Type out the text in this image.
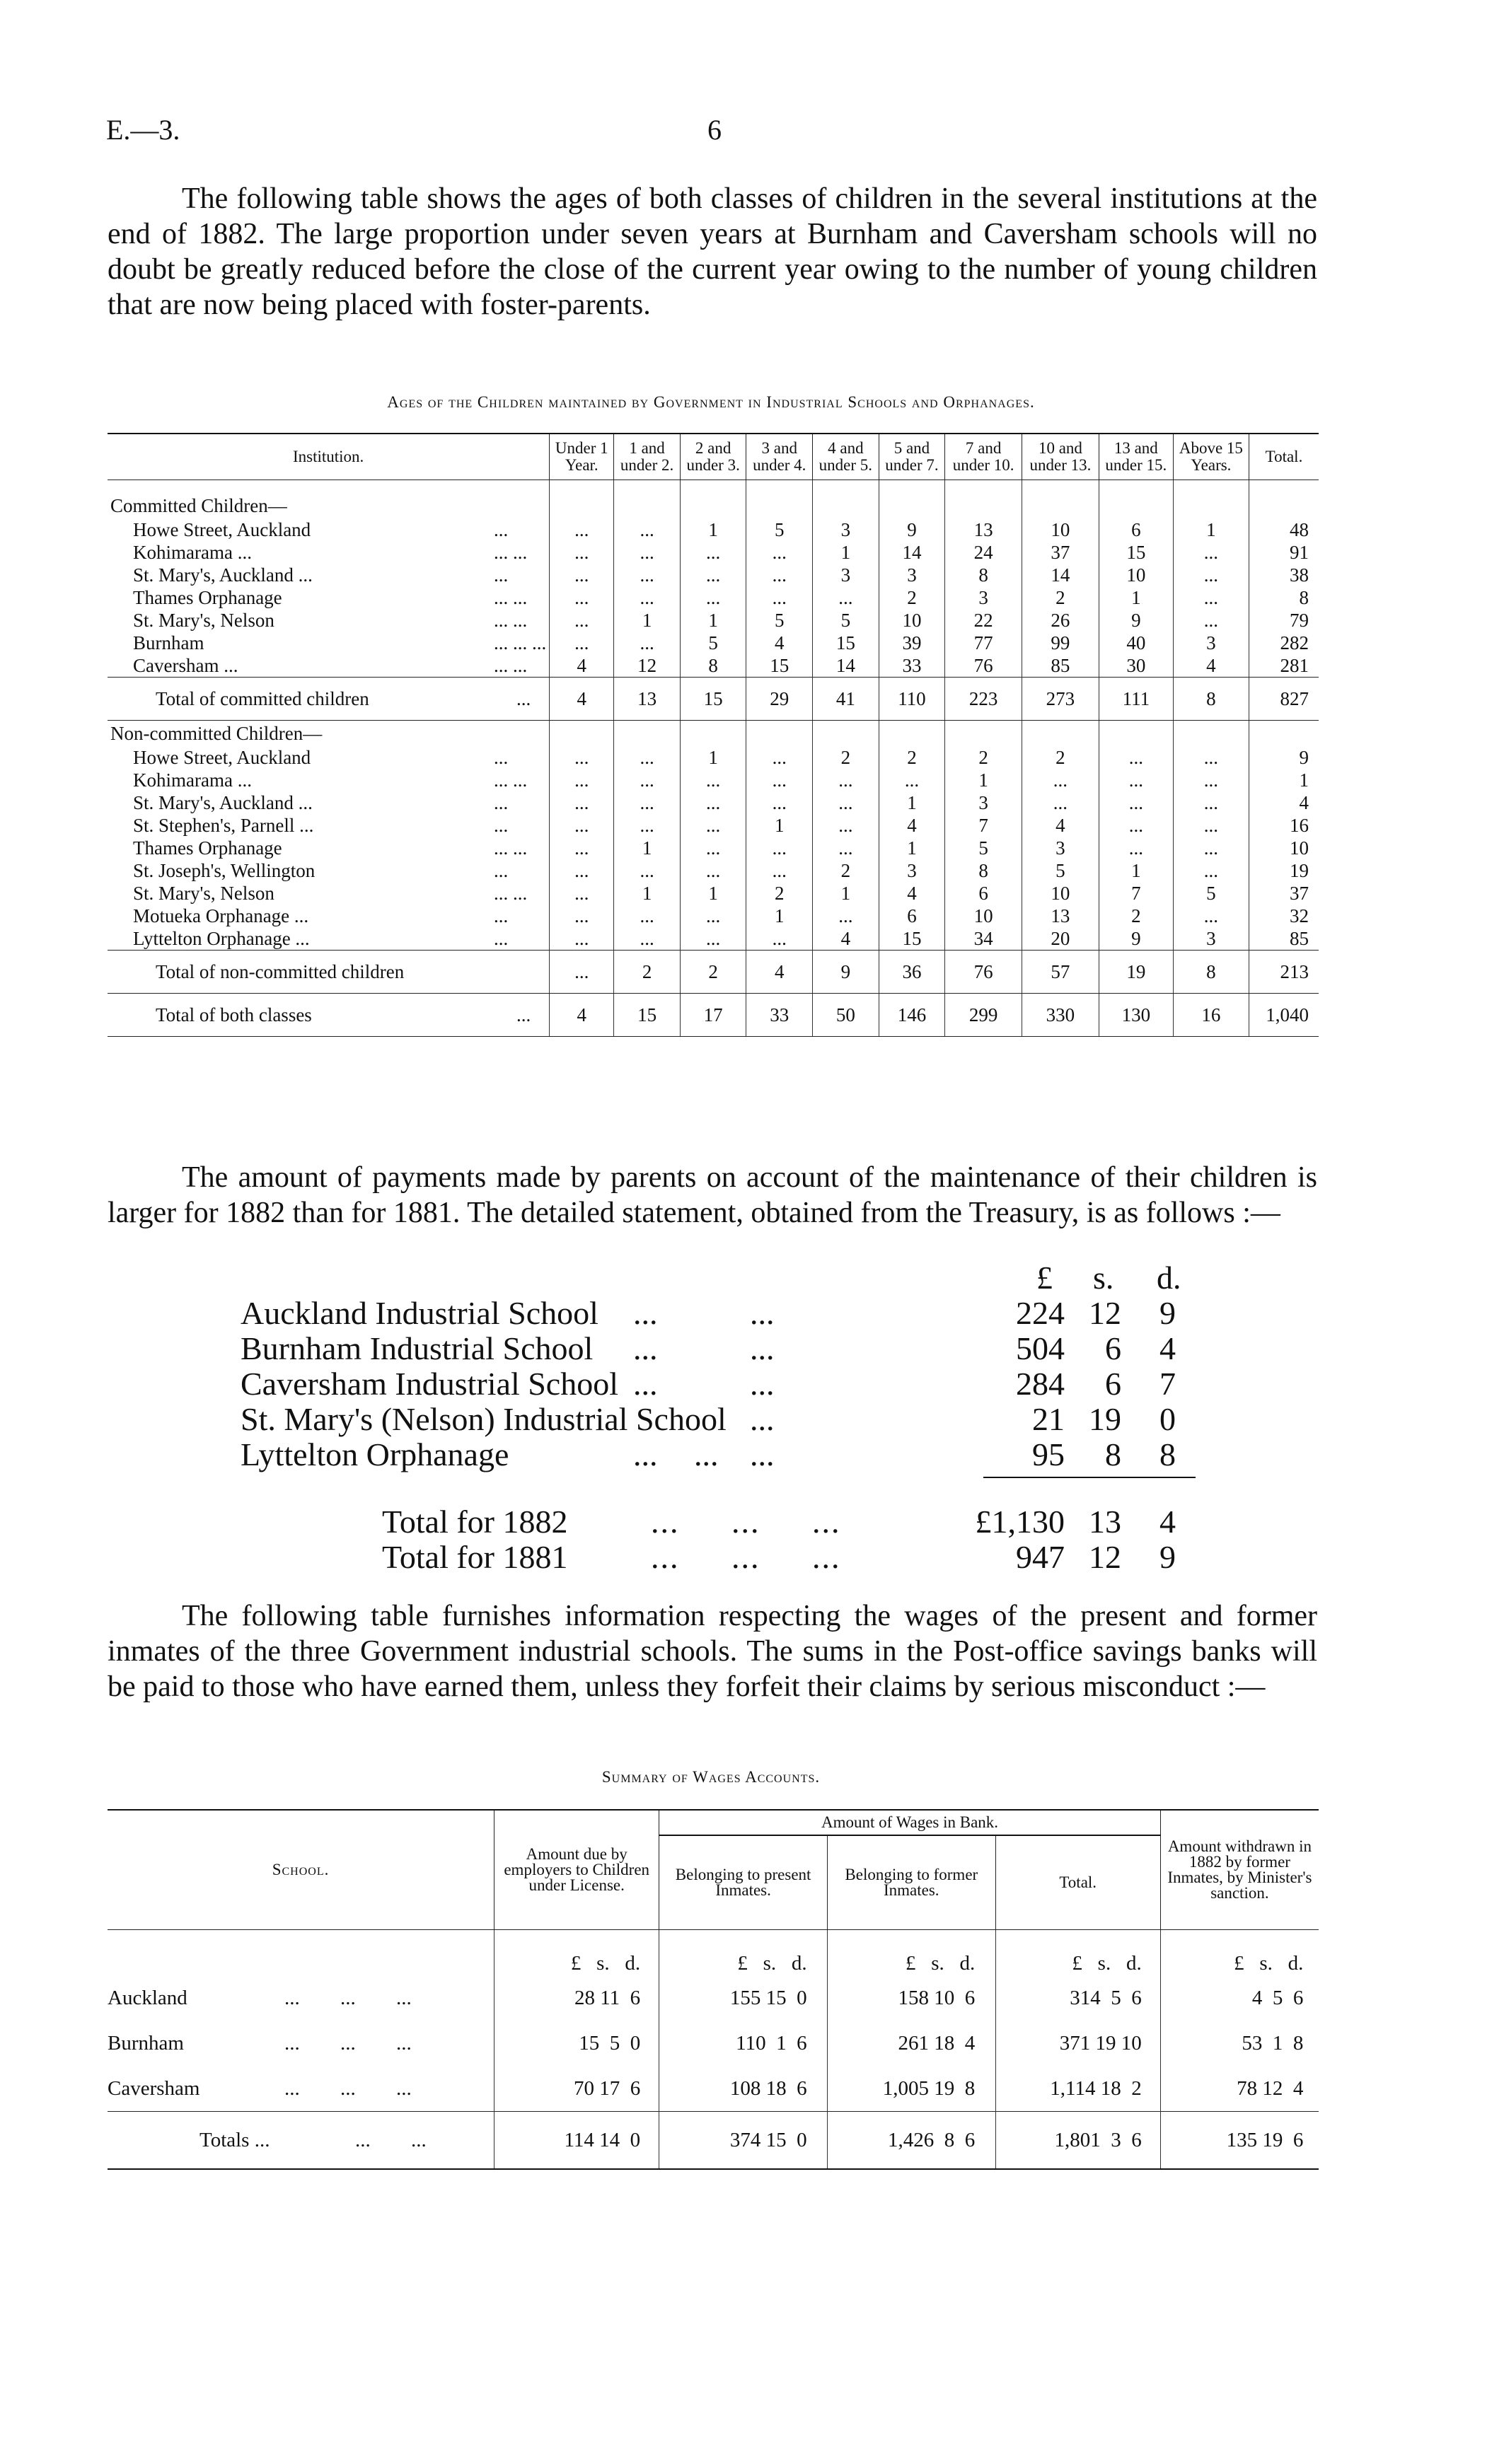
E.—3.	6
The following table shows the ages of both classes of children in the several institutions at the end of 1882. The large proportion under seven years at Burnham and Caversham schools will no doubt be greatly reduced before the close of the current year owing to the number of young children that are now being placed with foster-parents.
Ages of the Children maintained by Government in Industrial Schools and Orphanages.
Institution.	Under 1 Year.	1 and under 2.	2 and under 3.	3 and under 4.	4 and under 5.	5 and under 7.	7 and under 10.	10 and under 13.	13 and under 15.	Above 15 Years.	Total.

Committed Children—											
Howe Street, Auckland ...	...	...	1	5	3	9	13	10	6	1	48
Kohimarama ... ... ...	...	...	...	...	1	14	24	37	15	...	91
St. Mary's, Auckland ... ...	...	...	...	...	3	3	8	14	10	...	38
Thames Orphanage ... ...	...	...	...	...	...	2	3	2	1	...	8
St. Mary's, Nelson ... ...	...	1	1	5	5	10	22	26	9	...	79
Burnham ... ... ...	...	...	5	4	15	39	77	99	40	3	282
Caversham ... ... ...	4	12	8	15	14	33	76	85	30	4	281
Total of committed children ...	4	13	15	29	41	110	223	273	111	8	827
Non-committed Children—											
Howe Street, Auckland ...	...	...	1	...	2	2	2	2	...	...	9
Kohimarama ... ... ...	...	...	...	...	...	...	1	...	...	...	1
St. Mary's, Auckland ... ...	...	...	...	...	...	1	3	...	...	...	4
St. Stephen's, Parnell ... ...	...	...	...	1	...	4	7	4	...	...	16
Thames Orphanage ... ...	...	1	...	...	...	1	5	3	...	...	10
St. Joseph's, Wellington ...	...	...	...	...	2	3	8	5	1	...	19
St. Mary's, Nelson ... ...	...	1	1	2	1	4	6	10	7	5	37
Motueka Orphanage ... ...	...	...	...	1	...	6	10	13	2	...	32
Lyttelton Orphanage ... ...	...	...	...	...	4	15	34	20	9	3	85
Total of non-committed children	...	2	2	4	9	36	76	57	19	8	213
Total of both classes ...	4	15	17	33	50	146	299	330	130	16	1,040
The amount of payments made by parents on account of the maintenance of their children is larger for 1882 than for 1881. The detailed statement, obtained from the Treasury, is as follows :—
£ s. d.
Auckland Industrial School ...	...	224 12 9
Burnham Industrial School ...	...	504 6 4
Caversham Industrial School ...	...	284 6 7
St. Mary's (Nelson) Industrial School ...	21 19 0
Lyttelton Orphanage	... ... ...	95 8 8
Total for 1882	... ... ...	£1,130 13 4
Total for 1881	... ... ...	947 12 9
The following table furnishes information respecting the wages of the present and former inmates of the three Government industrial schools. The sums in the Post-office savings banks will be paid to those who have earned them, unless they forfeit their claims by serious misconduct :—
Summary of Wages Accounts.
School.	Amount due by employers to Children under License.	Amount of Wages in Bank.			Amount withdrawn in 1882 by former Inmates, by Minister's sanction.
		Belonging to present Inmates.	Belonging to former Inmates.	Total.	
	£   s.   d.	£   s.   d.	£   s.   d.	£   s.   d.	£   s.   d.
Auckland ... ... ...	28 11  6	155 15  0	158 10  6	314  5  6	4  5  6
Burnham ... ... ...	15  5  0	110  1  6	261 18  4	371 19 10	53  1  8
Caversham ... ... ...	70 17  6	108 18  6	1,005 19  8	1,114 18  2	78 12  4
Totals ... ... ...	114 14  0	374 15  0	1,426  8  6	1,801  3  6	135 19  6
